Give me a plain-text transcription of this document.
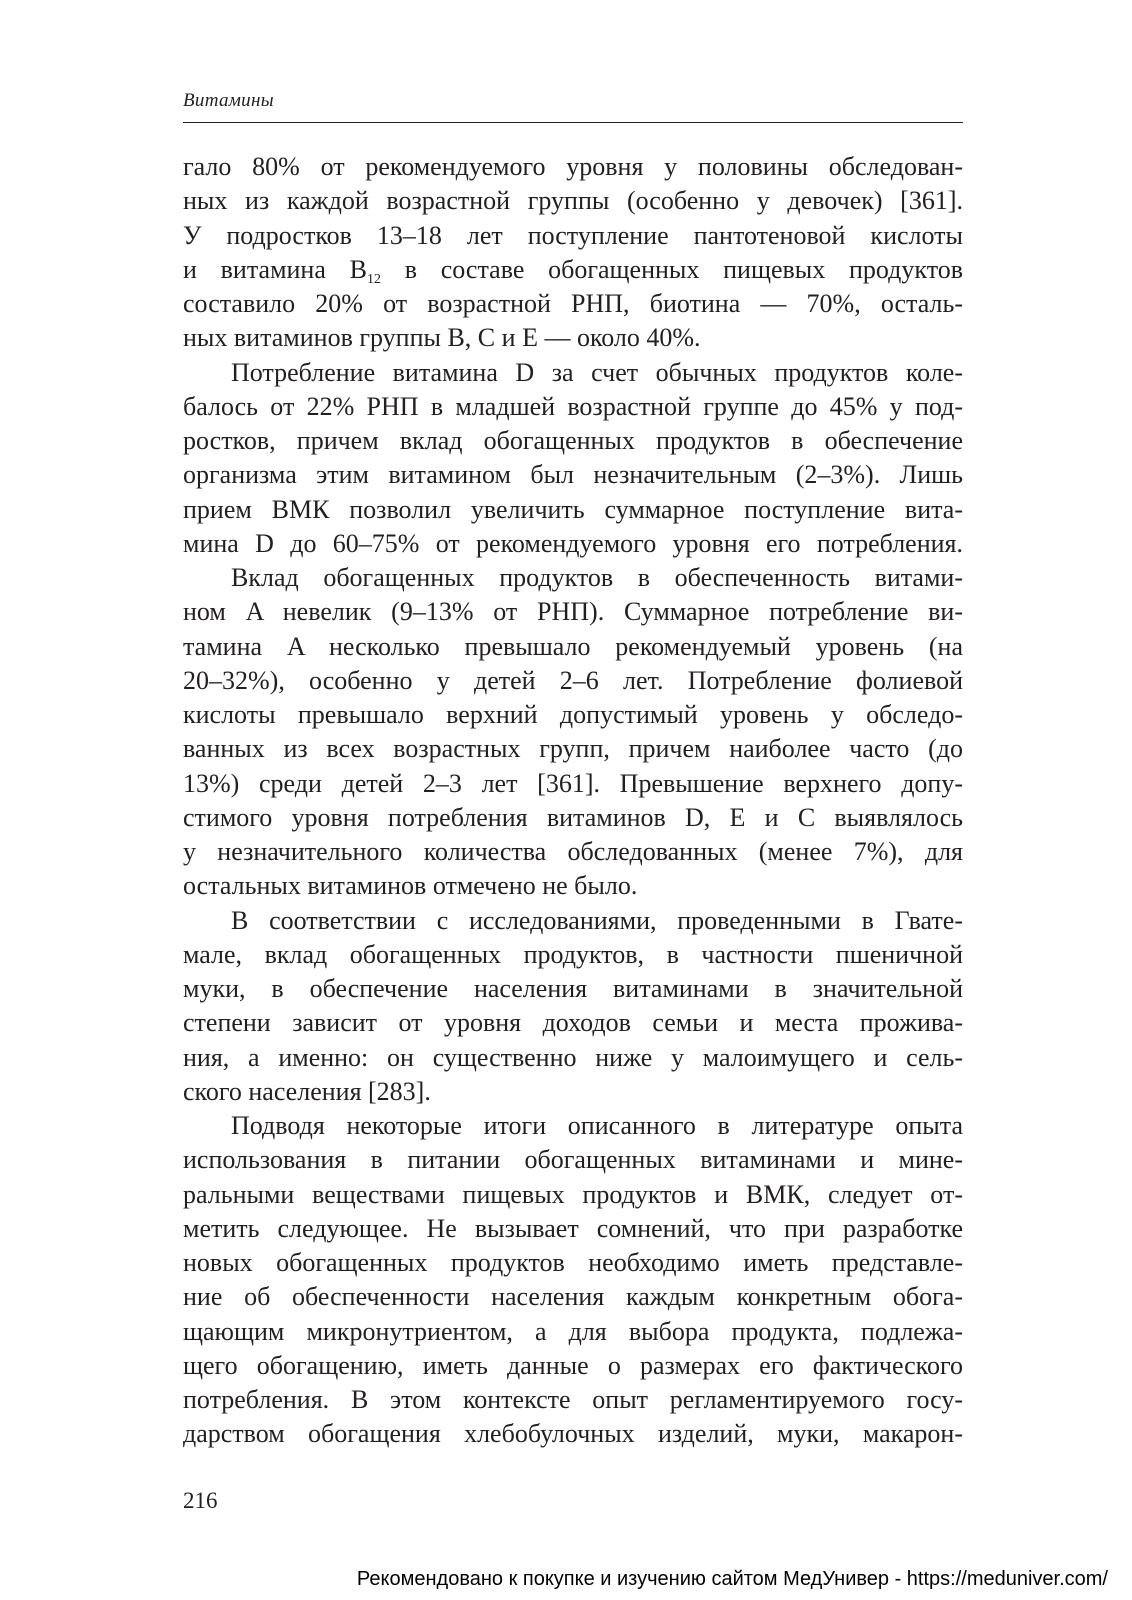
Витамины
гало 80% от рекомендуемого уровня у половины обследован-
ных из каждой возрастной группы (особенно у девочек) [361].
У подростков 13–18 лет поступление пантотеновой кислоты
и витамина $B_{12}$ в составе обогащенных пищевых продуктов
составило 20% от возрастной РНП, биотина — 70%, осталь-
ных витаминов группы B, C и E — около 40%.
Потребление витамина D за счет обычных продуктов коле-
балось от 22% РНП в младшей возрастной группе до 45% у под-
ростков, причем вклад обогащенных продуктов в обеспечение
организма этим витамином был незначительным (2–3%). Лишь
прием ВМК позволил увеличить суммарное поступление вита-
мина D до 60–75% от рекомендуемого уровня его потребления.
Вклад обогащенных продуктов в обеспеченность витами-
ном A невелик (9–13% от РНП). Суммарное потребление ви-
тамина A несколько превышало рекомендуемый уровень (на
20–32%), особенно у детей 2–6 лет. Потребление фолиевой
кислоты превышало верхний допустимый уровень у обследо-
ванных из всех возрастных групп, причем наиболее часто (до
13%) среди детей 2–3 лет [361]. Превышение верхнего допу-
стимого уровня потребления витаминов D, E и C выявлялось
у незначительного количества обследованных (менее 7%), для
остальных витаминов отмечено не было.
В соответствии с исследованиями, проведенными в Гвате-
мале, вклад обогащенных продуктов, в частности пшеничной
муки, в обеспечение населения витаминами в значительной
степени зависит от уровня доходов семьи и места прожива-
ния, а именно: он существенно ниже у малоимущего и сель-
ского населения [283].
Подводя некоторые итоги описанного в литературе опыта
использования в питании обогащенных витаминами и мине-
ральными веществами пищевых продуктов и ВМК, следует от-
метить следующее. Не вызывает сомнений, что при разработке
новых обогащенных продуктов необходимо иметь представле-
ние об обеспеченности населения каждым конкретным обога-
щающим микронутриентом, а для выбора продукта, подлежа-
щего обогащению, иметь данные о размерах его фактического
потребления. В этом контексте опыт регламентируемого госу-
дарством обогащения хлебобулочных изделий, муки, макарон-
216
Рекомендовано к покупке и изучению сайтом МедУнивер - https://meduniver.com/
